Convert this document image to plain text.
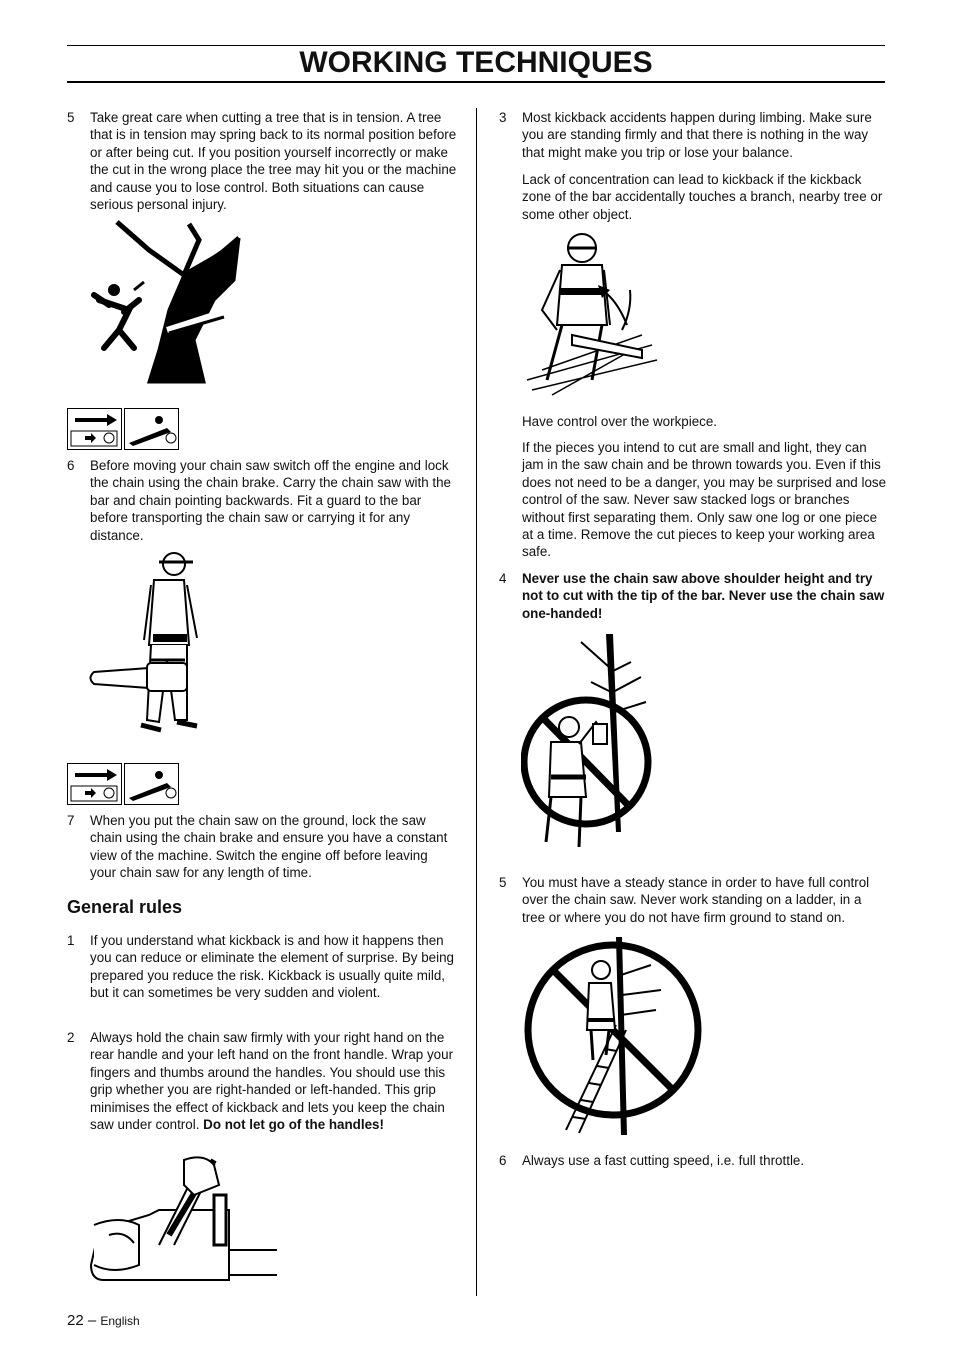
WORKING TECHNIQUES
5 Take great care when cutting a tree that is in tension. A tree that is in tension may spring back to its normal position before or after being cut. If you position yourself incorrectly or make the cut in the wrong place the tree may hit you or the machine and cause you to lose control. Both situations can cause serious personal injury.
6 Before moving your chain saw switch off the engine and lock the chain using the chain brake. Carry the chain saw with the bar and chain pointing backwards. Fit a guard to the bar before transporting the chain saw or carrying it for any distance.
7 When you put the chain saw on the ground, lock the saw chain using the chain brake and ensure you have a constant view of the machine. Switch the engine off before leaving your chain saw for any length of time.
General rules
1 If you understand what kickback is and how it happens then you can reduce or eliminate the element of surprise. By being prepared you reduce the risk. Kickback is usually quite mild, but it can sometimes be very sudden and violent.
2 Always hold the chain saw firmly with your right hand on the rear handle and your left hand on the front handle. Wrap your fingers and thumbs around the handles. You should use this grip whether you are right-handed or left-handed. This grip minimises the effect of kickback and lets you keep the chain saw under control. Do not let go of the handles!
3 Most kickback accidents happen during limbing. Make sure you are standing firmly and that there is nothing in the way that might make you trip or lose your balance.
Lack of concentration can lead to kickback if the kickback zone of the bar accidentally touches a branch, nearby tree or some other object.
Have control over the workpiece.
If the pieces you intend to cut are small and light, they can jam in the saw chain and be thrown towards you. Even if this does not need to be a danger, you may be surprised and lose control of the saw. Never saw stacked logs or branches without first separating them. Only saw one log or one piece at a time. Remove the cut pieces to keep your working area safe.
4 Never use the chain saw above shoulder height and try not to cut with the tip of the bar. Never use the chain saw one-handed!
5 You must have a steady stance in order to have full control over the chain saw. Never work standing on a ladder, in a tree or where you do not have firm ground to stand on.
6 Always use a fast cutting speed, i.e. full throttle.
22 – English
